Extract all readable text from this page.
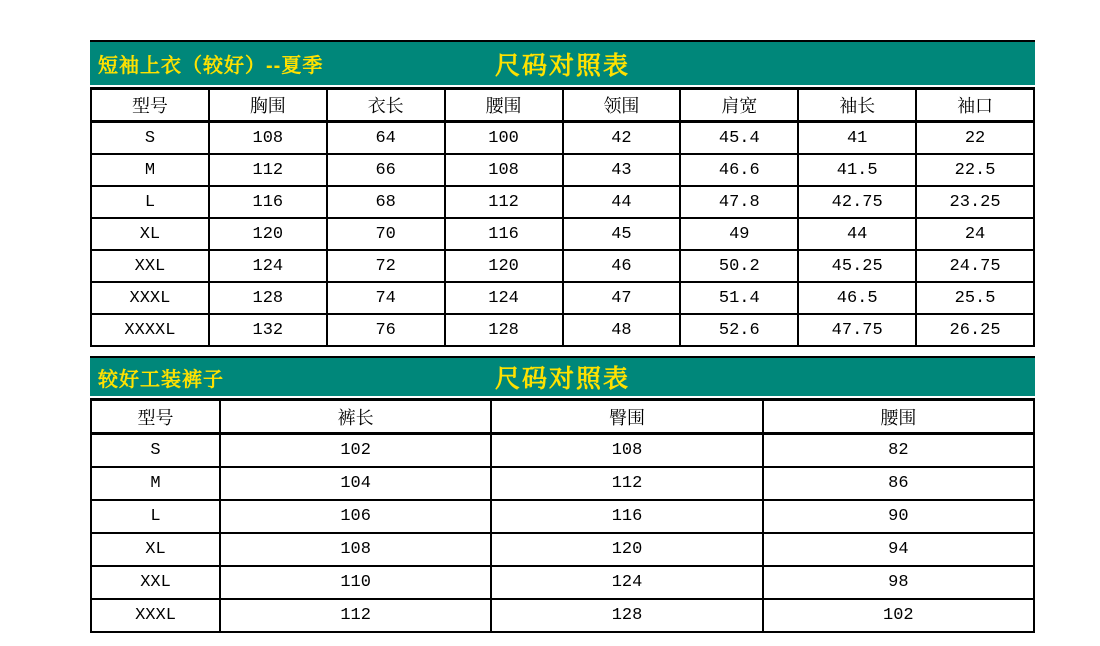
短袖上衣（较好）--夏季	尺码对照表
型号	胸围	衣长	腰围	领围	肩宽	袖长	袖口
S	108	64	100	42	45.4	41	22
M	112	66	108	43	46.6	41.5	22.5
L	116	68	112	44	47.8	42.75	23.25
XL	120	70	116	45	49	44	24
XXL	124	72	120	46	50.2	45.25	24.75
XXXL	128	74	124	47	51.4	46.5	25.5
XXXXL	132	76	128	48	52.6	47.75	26.25
较好工装裤子	尺码对照表
型号	裤长	臀围	腰围
S	102	108	82
M	104	112	86
L	106	116	90
XL	108	120	94
XXL	110	124	98
XXXL	112	128	102
